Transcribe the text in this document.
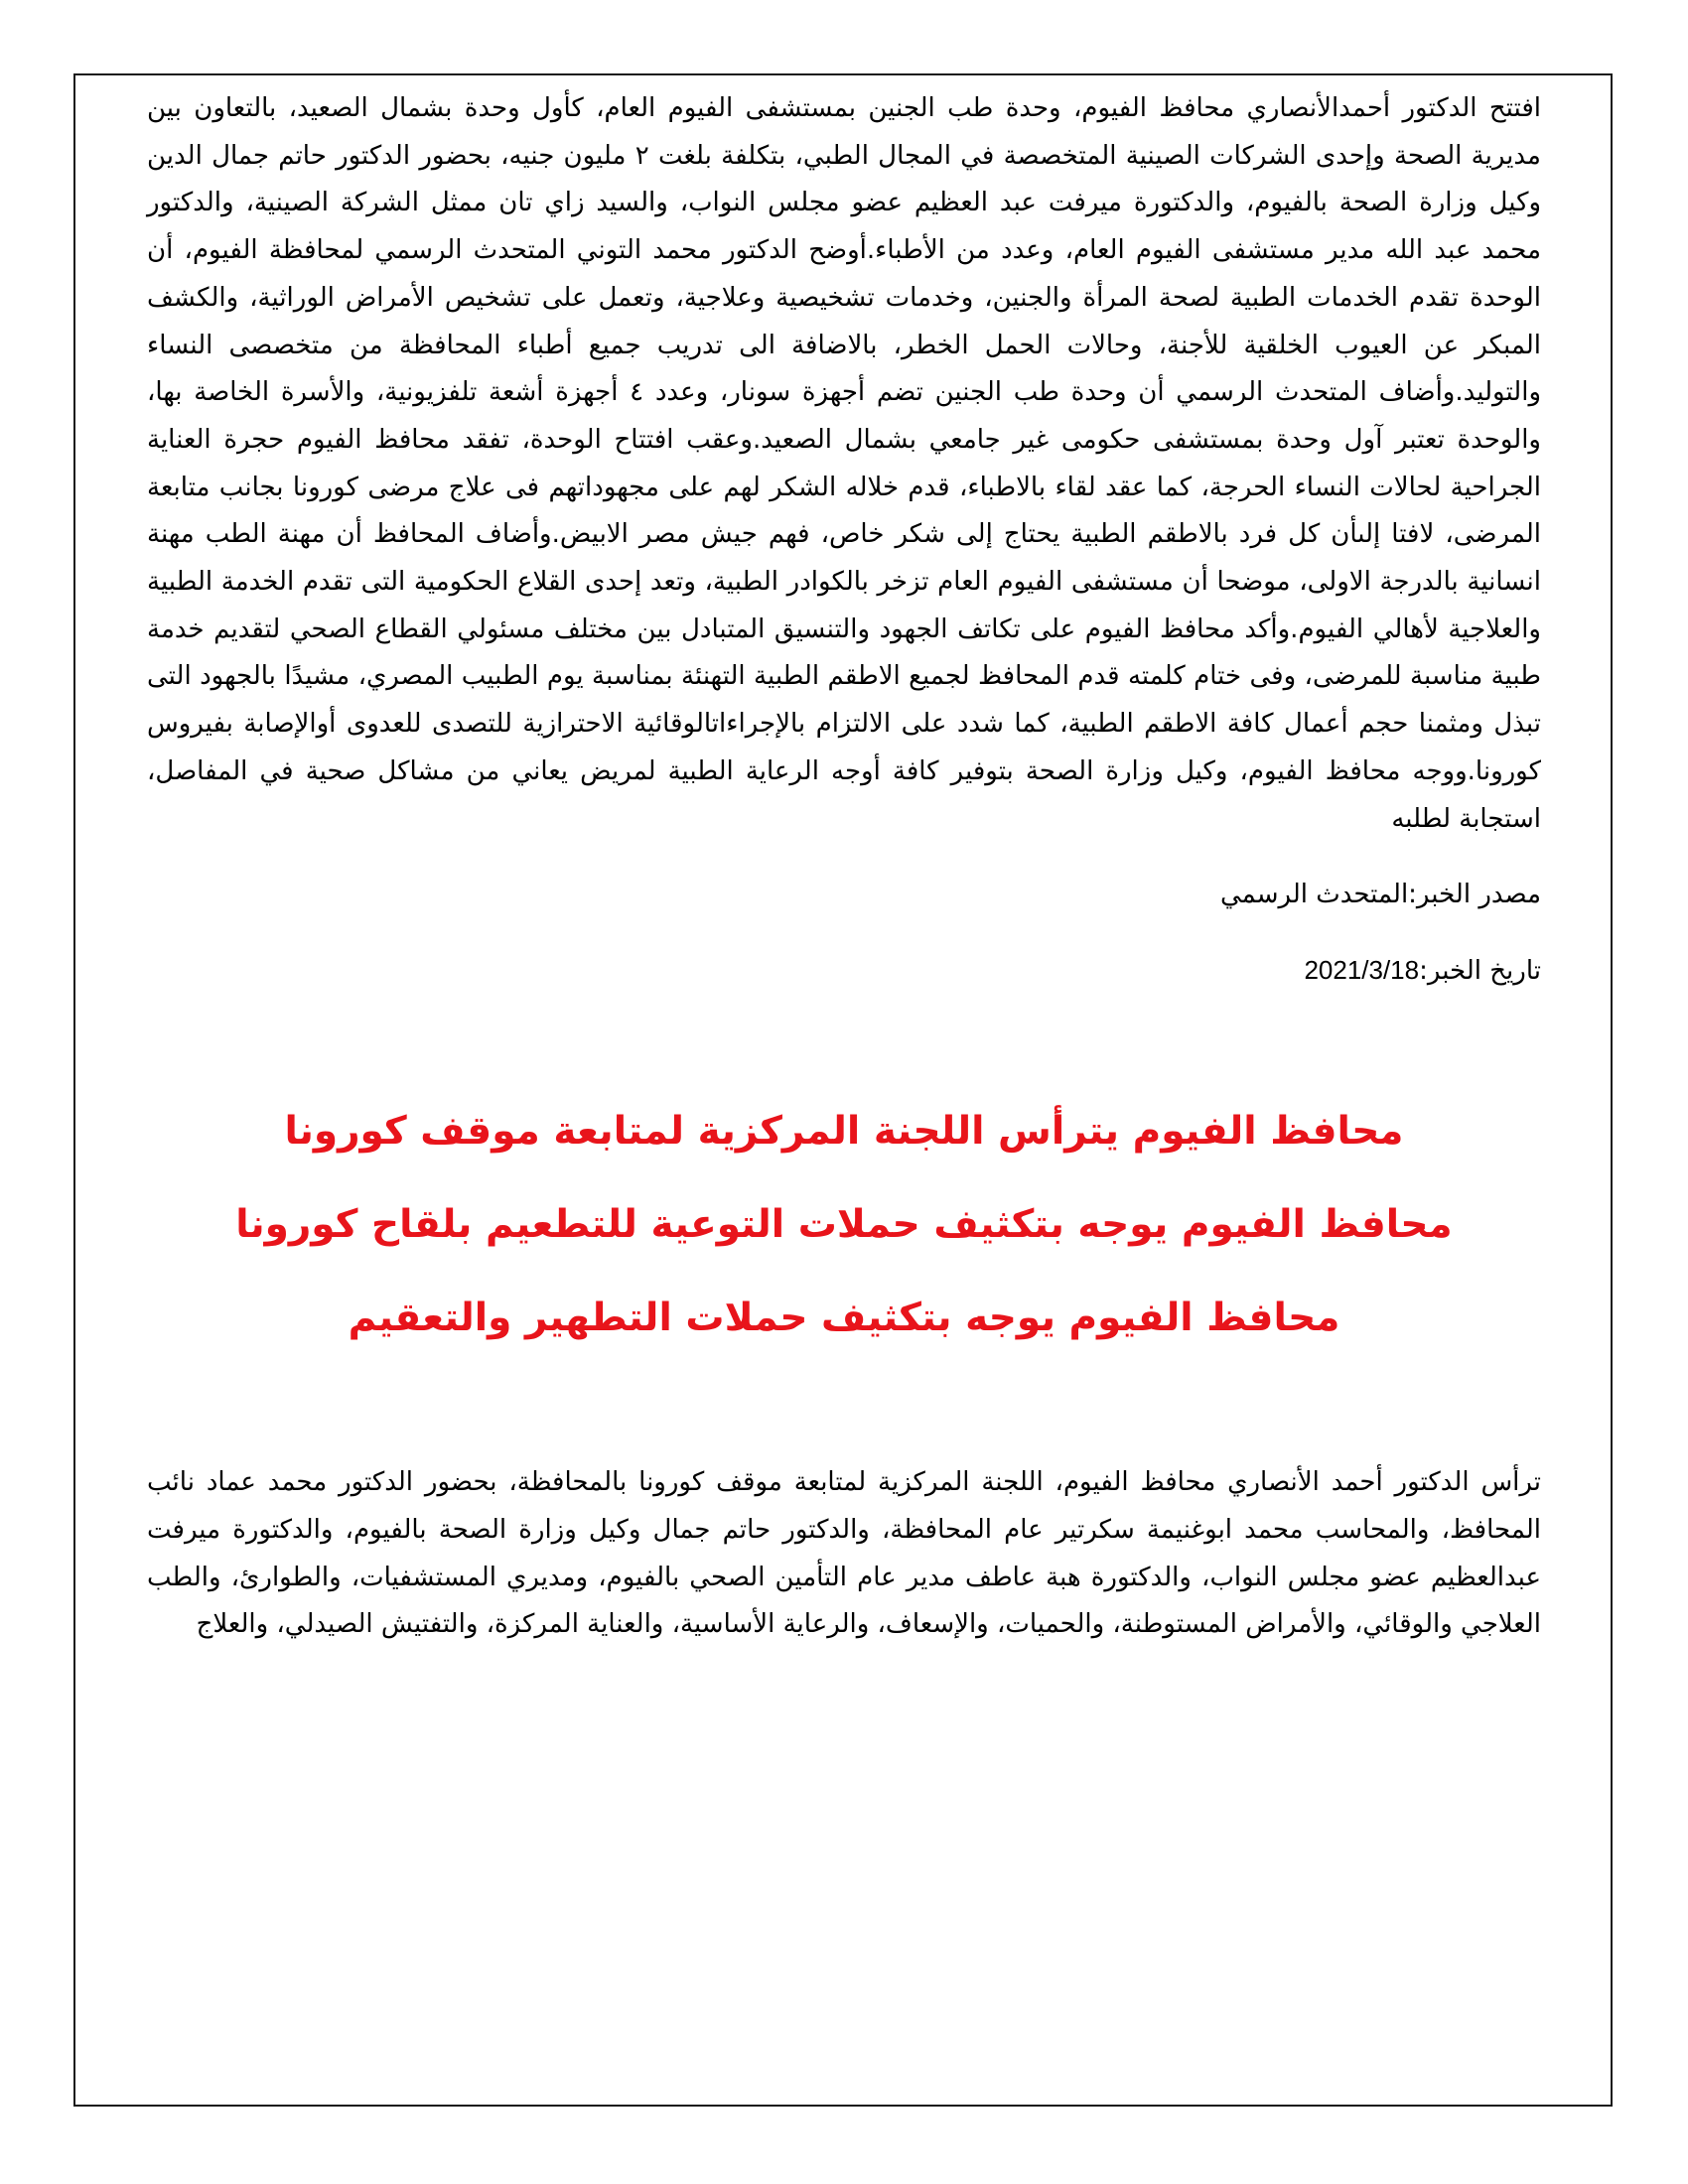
افتتح الدكتور أحمدالأنصاري محافظ الفيوم، وحدة طب الجنين بمستشفى الفيوم العام، كأول وحدة بشمال الصعيد، بالتعاون بين مديرية الصحة وإحدى الشركات الصينية المتخصصة في المجال الطبي، بتكلفة بلغت ٢ مليون جنيه، بحضور الدكتور حاتم جمال الدين وكيل وزارة الصحة بالفيوم، والدكتورة ميرفت عبد العظيم عضو مجلس النواب، والسيد زاي تان ممثل الشركة الصينية، والدكتور محمد عبد الله مدير مستشفى الفيوم العام، وعدد من الأطباء.أوضح الدكتور محمد التوني المتحدث الرسمي لمحافظة الفيوم، أن الوحدة تقدم الخدمات الطبية لصحة المرأة والجنين، وخدمات تشخيصية وعلاجية، وتعمل على تشخيص الأمراض الوراثية، والكشف المبكر عن العيوب الخلقية للأجنة، وحالات الحمل الخطر، بالاضافة الى تدريب جميع أطباء المحافظة من متخصصى النساء والتوليد.وأضاف المتحدث الرسمي أن وحدة طب الجنين تضم أجهزة سونار، وعدد ٤ أجهزة أشعة تلفزيونية، والأسرة الخاصة بها، والوحدة تعتبر آول وحدة بمستشفى حكومى غير جامعي بشمال الصعيد.وعقب افتتاح الوحدة، تفقد محافظ الفيوم حجرة العناية الجراحية لحالات النساء الحرجة، كما عقد لقاء بالاطباء، قدم خلاله الشكر لهم على مجهوداتهم فى علاج مرضى كورونا بجانب متابعة المرضى، لافتا إلىأن كل فرد بالاطقم الطبية يحتاج إلى شكر خاص، فهم جيش مصر الابيض.وأضاف المحافظ أن مهنة الطب مهنة انسانية بالدرجة الاولى، موضحا أن مستشفى الفيوم العام تزخر بالكوادر الطبية، وتعد إحدى القلاع الحكومية التى تقدم الخدمة الطبية والعلاجية لأهالي الفيوم.وأكد محافظ الفيوم على تكاتف الجهود والتنسيق المتبادل بين مختلف مسئولي القطاع الصحي لتقديم خدمة طبية مناسبة للمرضى، وفى ختام كلمته قدم المحافظ لجميع الاطقم الطبية التهنئة بمناسبة يوم الطبيب المصري، مشيدًا بالجهود التى تبذل ومثمنا حجم أعمال كافة الاطقم الطبية، كما شدد على الالتزام بالإجراءاتالوقائية الاحترازية للتصدى للعدوى أوالإصابة بفيروس كورونا.ووجه محافظ الفيوم، وكيل وزارة الصحة بتوفير كافة أوجه الرعاية الطبية لمريض يعاني من مشاكل صحية في المفاصل، استجابة لطلبه

مصدر الخبر:المتحدث الرسمي

تاريخ الخبر:2021/3/18

محافظ الفيوم يترأس اللجنة المركزية لمتابعة موقف كورونا

محافظ الفيوم يوجه بتكثيف حملات التوعية للتطعيم بلقاح كورونا

محافظ الفيوم يوجه بتكثيف حملات التطهير والتعقيم

ترأس الدكتور أحمد الأنصاري محافظ الفيوم، اللجنة المركزية لمتابعة موقف كورونا بالمحافظة، بحضور الدكتور محمد عماد نائب المحافظ، والمحاسب محمد ابوغنيمة سكرتير عام المحافظة، والدكتور حاتم جمال وكيل وزارة الصحة بالفيوم، والدكتورة ميرفت عبدالعظيم عضو مجلس النواب، والدكتورة هبة عاطف مدير عام التأمين الصحي بالفيوم، ومديري المستشفيات، والطوارئ، والطب العلاجي والوقائي، والأمراض المستوطنة، والحميات، والإسعاف، والرعاية الأساسية، والعناية المركزة، والتفتيش الصيدلي، والعلاج
